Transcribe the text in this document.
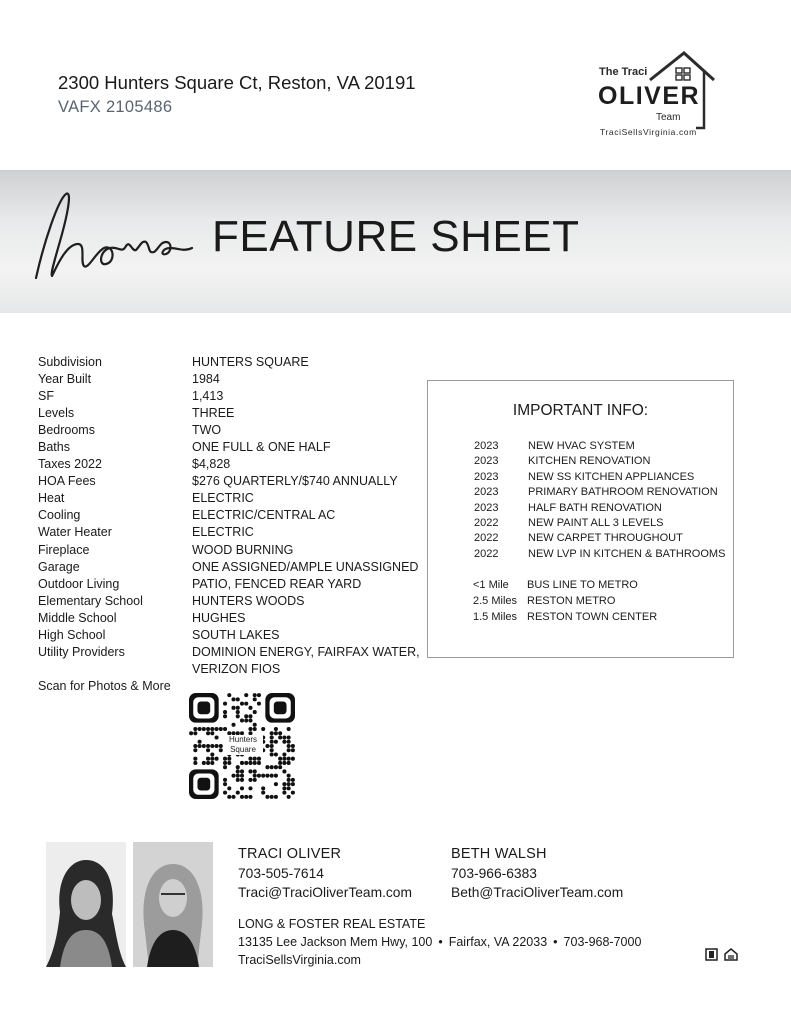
2300 Hunters Square Ct, Reston, VA 20191
VAFX 2105486
The Traci
OLIVER
Team
TraciSellsVirginia.com
FEATURE SHEET
Subdivision	HUNTERS SQUARE
Year Built	1984
SF	1,413
Levels	THREE
Bedrooms	TWO
Baths	ONE FULL & ONE HALF
Taxes 2022	$4,828
HOA Fees	$276 QUARTERLY/$740 ANNUALLY
Heat	ELECTRIC
Cooling	ELECTRIC/CENTRAL AC
Water Heater	ELECTRIC
Fireplace	WOOD BURNING
Garage	ONE ASSIGNED/AMPLE UNASSIGNED
Outdoor Living	PATIO, FENCED REAR YARD
Elementary School	HUNTERS WOODS
Middle School	HUGHES
High School	SOUTH LAKES
Utility Providers	DOMINION ENERGY, FAIRFAX WATER,
VERIZON FIOS
Scan for Photos & More
Hunters
Square
IMPORTANT INFO:
2023	NEW HVAC SYSTEM
2023	KITCHEN RENOVATION
2023	NEW SS KITCHEN APPLIANCES
2023	PRIMARY BATHROOM RENOVATION
2023	HALF BATH RENOVATION
2022	NEW PAINT ALL 3 LEVELS
2022	NEW CARPET THROUGHOUT
2022	NEW LVP IN KITCHEN & BATHROOMS
<1 Mile	BUS LINE TO METRO
2.5 Miles RESTON METRO
1.5 Miles RESTON TOWN CENTER
TRACI OLIVER
703-505-7614
Traci@TraciOliverTeam.com
BETH WALSH
703-966-6383
Beth@TraciOliverTeam.com
LONG & FOSTER REAL ESTATE
13135 Lee Jackson Mem Hwy, 100 • Fairfax, VA 22033 • 703-968-7000
TraciSellsVirginia.com
